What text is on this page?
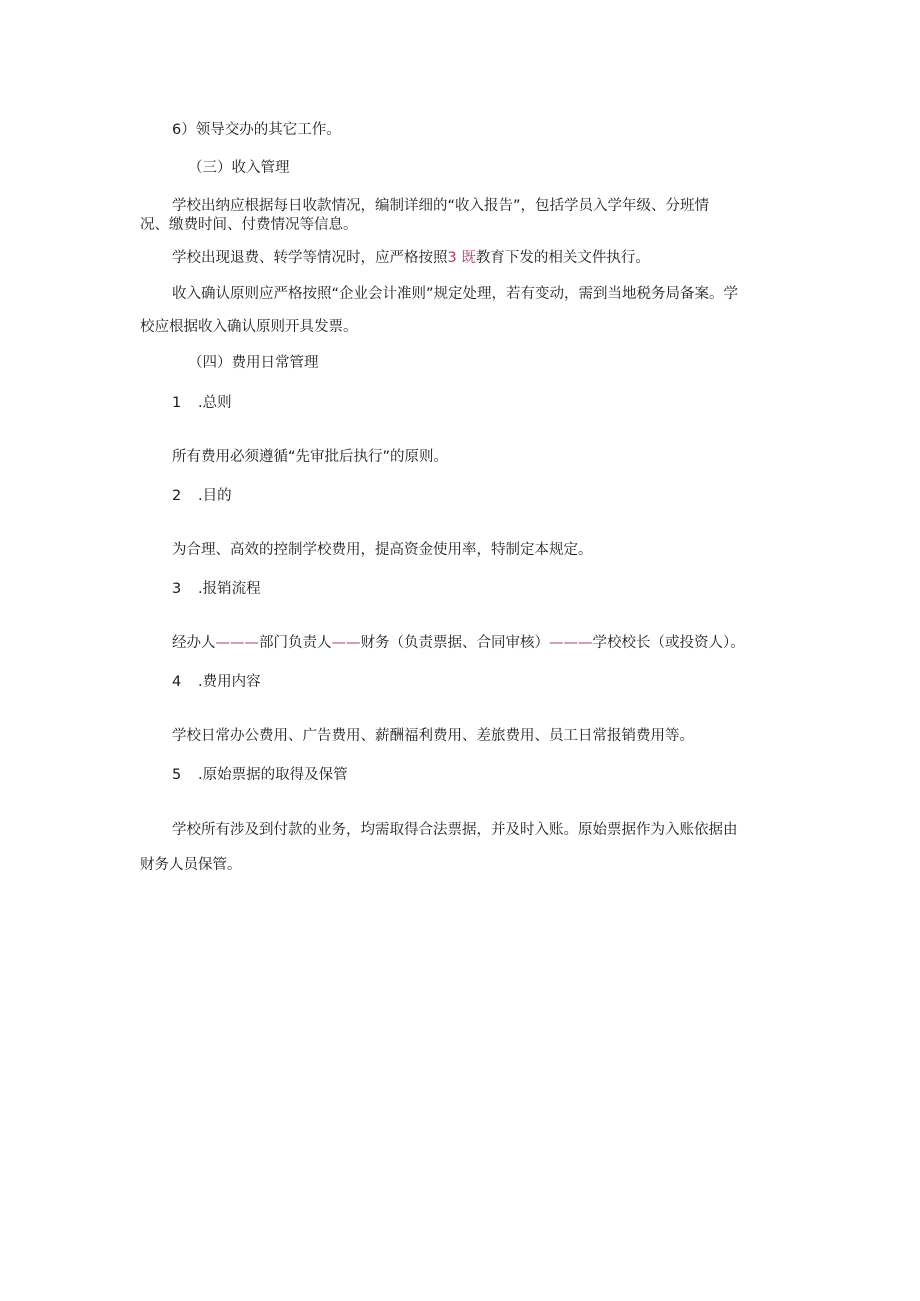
6）领导交办的其它工作。
（三）收入管理
学校出纳应根据每日收款情况，编制详细的“收入报告”，包括学员入学年级、分班情
况、缴费时间、付费情况等信息。
学校出现退费、转学等情况时，应严格按照3 既教育下发的相关文件执行。
收入确认原则应严格按照“企业会计准则”规定处理，若有变动，需到当地税务局备案。学
校应根据收入确认原则开具发票。
（四）费用日常管理
1 .总则
所有费用必须遵循“先审批后执行”的原则。
2 .目的
为合理、高效的控制学校费用，提高资金使用率，特制定本规定。
3 .报销流程
经办人———部门负责人——财务（负责票据、合同审核）———学校校长（或投资人）。
4 .费用内容
学校日常办公费用、广告费用、薪酬福利费用、差旅费用、员工日常报销费用等。
5 .原始票据的取得及保管
学校所有涉及到付款的业务，均需取得合法票据，并及时入账。原始票据作为入账依据由
财务人员保管。
